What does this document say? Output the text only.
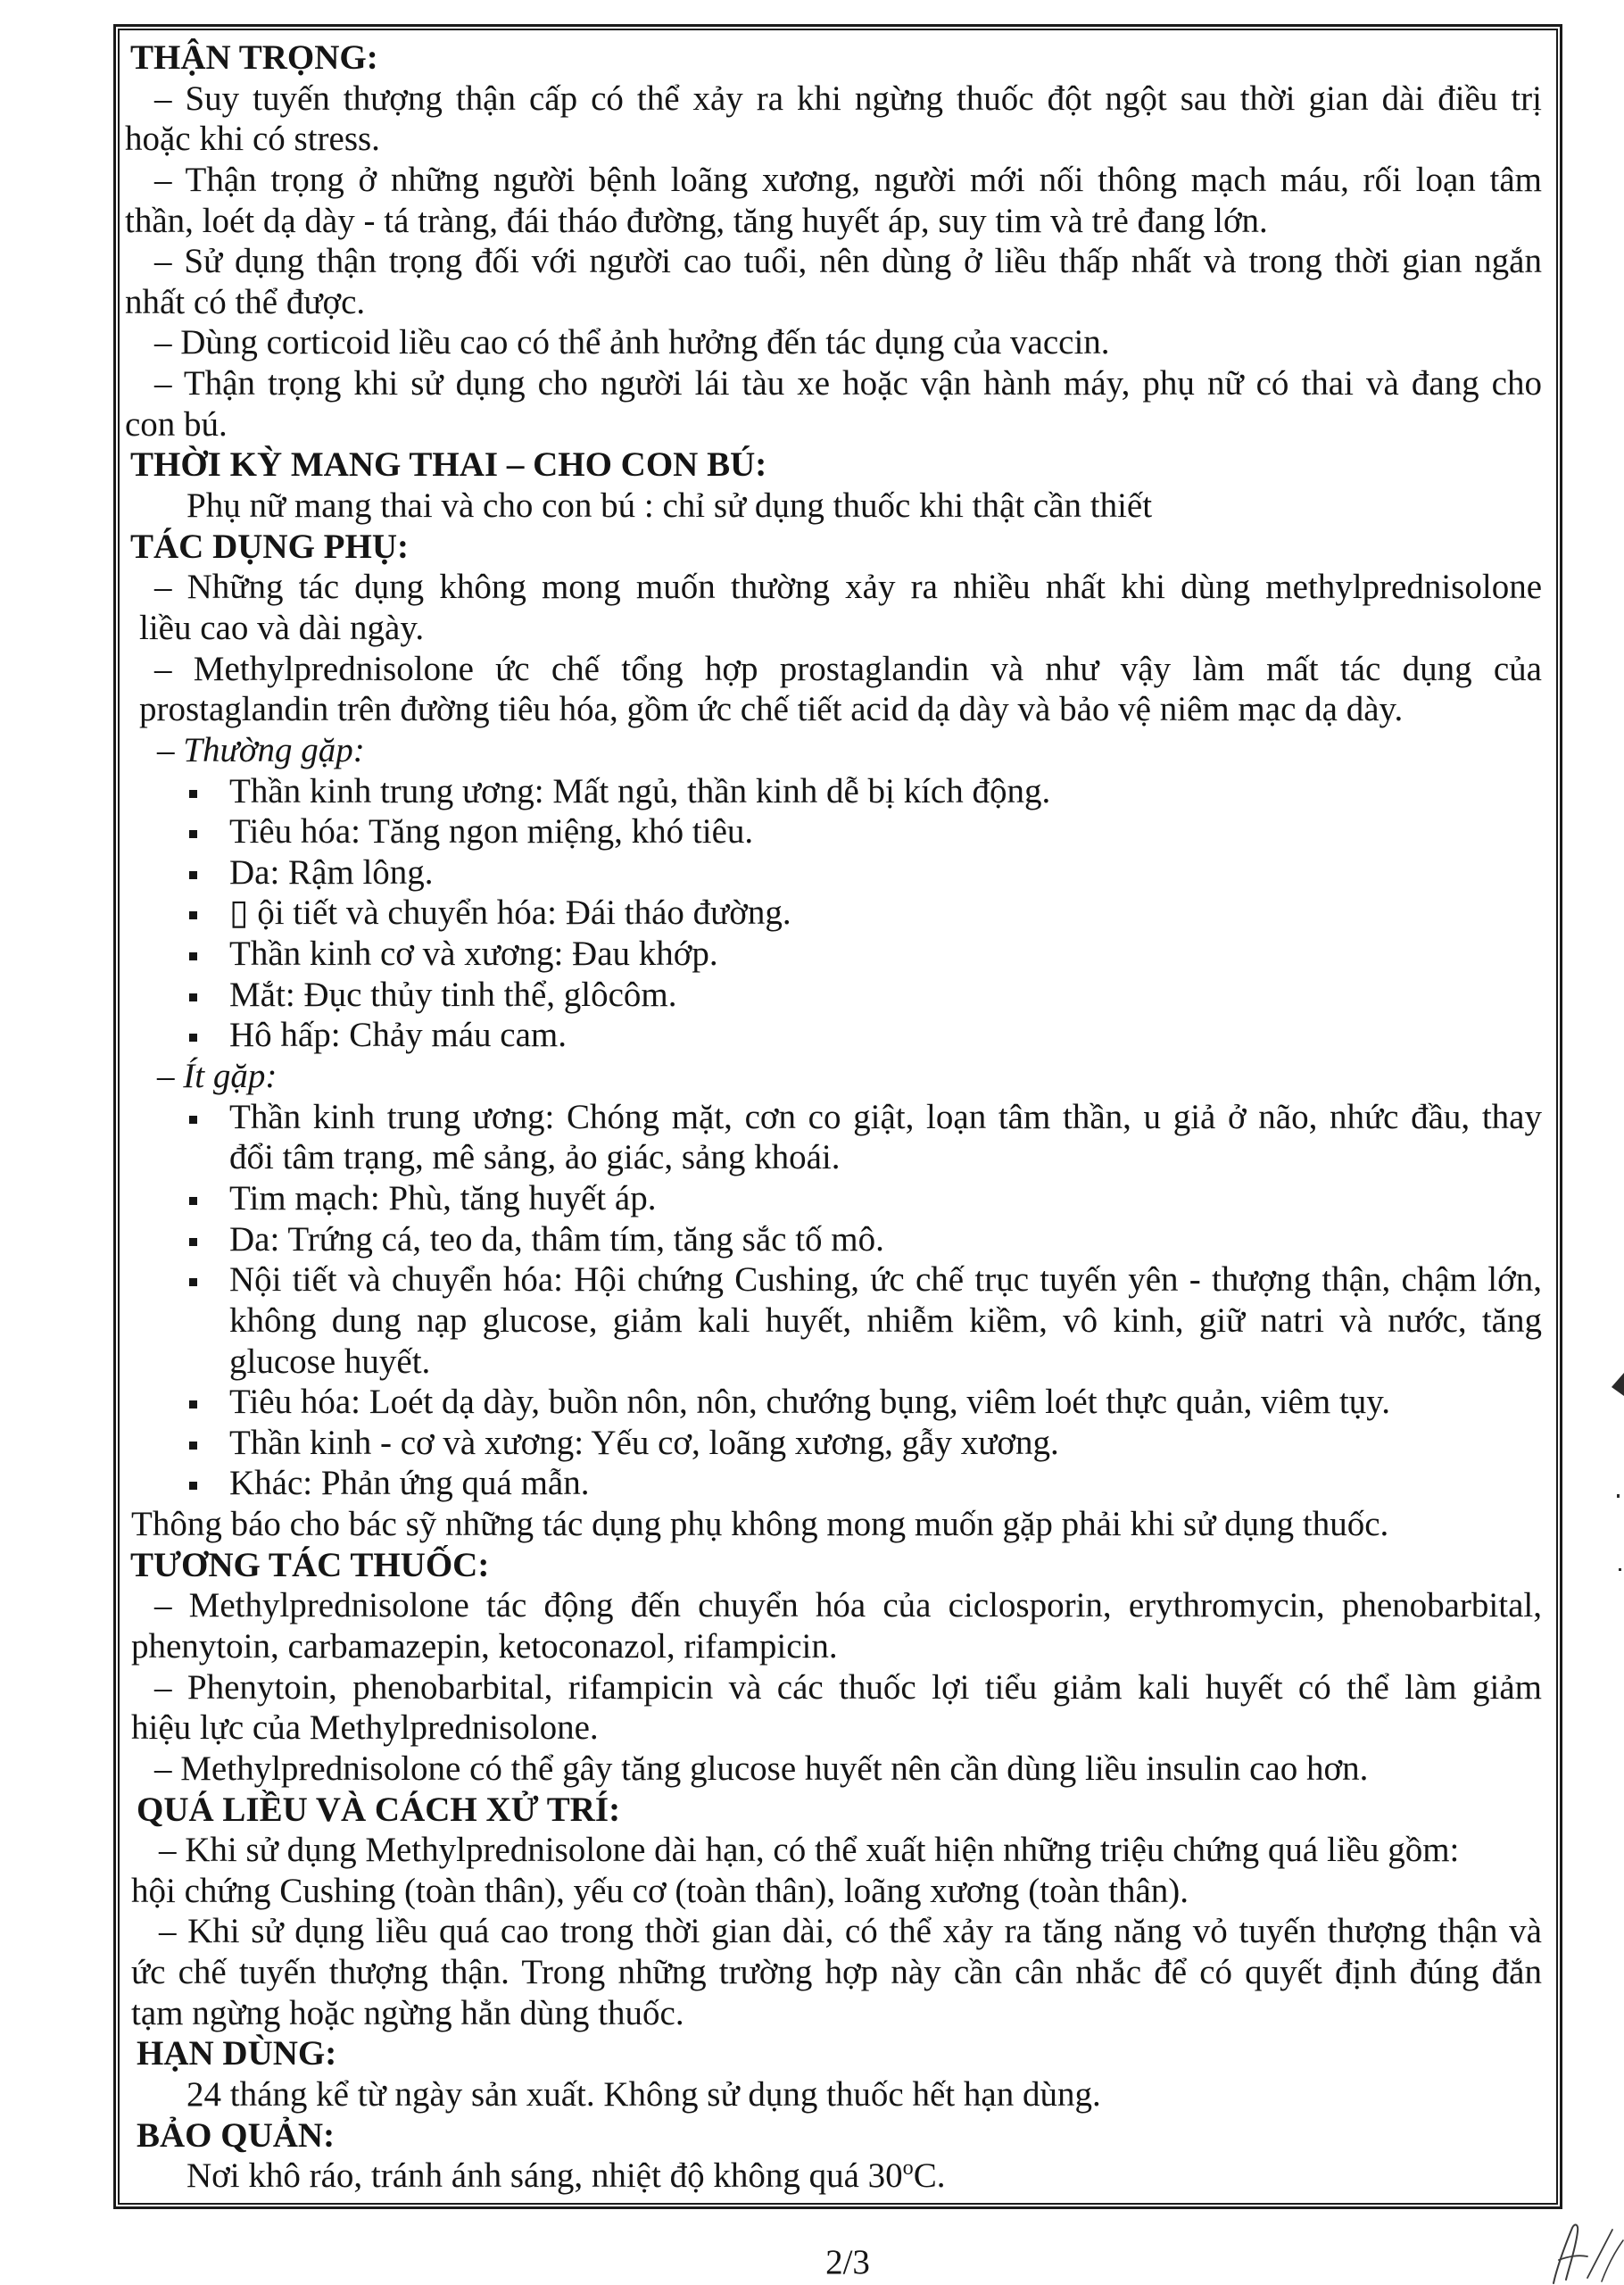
THẬN TRỌNG:
– Suy tuyến thượng thận cấp có thể xảy ra khi ngừng thuốc đột ngột sau thời gian dài điều trị
hoặc khi có stress.
– Thận trọng ở những người bệnh loãng xương, người mới nối thông mạch máu, rối loạn tâm
thần, loét dạ dày - tá tràng, đái tháo đường, tăng huyết áp, suy tim và trẻ đang lớn.
– Sử dụng thận trọng đối với người cao tuổi, nên dùng ở liều thấp nhất và trong thời gian ngắn
nhất có thể được.
– Dùng corticoid liều cao có thể ảnh hưởng đến tác dụng của vaccin.
– Thận trọng khi sử dụng cho người lái tàu xe hoặc vận hành máy, phụ nữ có thai và đang cho
con bú.
THỜI KỲ MANG THAI – CHO CON BÚ:
Phụ nữ mang thai và cho con bú : chỉ sử dụng thuốc khi thật cần thiết
TÁC DỤNG PHỤ:
– Những tác dụng không mong muốn thường xảy ra nhiều nhất khi dùng methylprednisolone
liều cao và dài ngày.
– Methylprednisolone ức chế tổng hợp prostaglandin và như vậy làm mất tác dụng của
prostaglandin trên đường tiêu hóa, gồm ức chế tiết acid dạ dày và bảo vệ niêm mạc dạ dày.
– Thường gặp:
Thần kinh trung ương: Mất ngủ, thần kinh dễ bị kích động.
Tiêu hóa: Tăng ngon miệng, khó tiêu.
Da: Rậm lông.
▯ ội tiết và chuyển hóa: Đái tháo đường.
Thần kinh cơ và xương: Đau khớp.
Mắt: Đục thủy tinh thể, glôcôm.
Hô hấp: Chảy máu cam.
– Ít gặp:
Thần kinh trung ương: Chóng mặt, cơn co giật, loạn tâm thần, u giả ở não, nhức đầu, thay
đổi tâm trạng, mê sảng, ảo giác, sảng khoái.
Tim mạch: Phù, tăng huyết áp.
Da: Trứng cá, teo da, thâm tím, tăng sắc tố mô.
Nội tiết và chuyển hóa: Hội chứng Cushing, ức chế trục tuyến yên - thượng thận, chậm lớn,
không dung nạp glucose, giảm kali huyết, nhiễm kiềm, vô kinh, giữ natri và nước, tăng
glucose huyết.
Tiêu hóa: Loét dạ dày, buồn nôn, nôn, chướng bụng, viêm loét thực quản, viêm tụy.
Thần kinh - cơ và xương: Yếu cơ, loãng xương, gẫy xương.
Khác: Phản ứng quá mẫn.
Thông báo cho bác sỹ những tác dụng phụ không mong muốn gặp phải khi sử dụng thuốc.
TƯƠNG TÁC THUỐC:
– Methylprednisolone tác động đến chuyển hóa của ciclosporin, erythromycin, phenobarbital,
phenytoin, carbamazepin, ketoconazol, rifampicin.
– Phenytoin, phenobarbital, rifampicin và các thuốc lợi tiểu giảm kali huyết có thể làm giảm
hiệu lực của Methylprednisolone.
– Methylprednisolone có thể gây tăng glucose huyết nên cần dùng liều insulin cao hơn.
QUÁ LIỀU VÀ CÁCH XỬ TRÍ:
– Khi sử dụng Methylprednisolone dài hạn, có thể xuất hiện những triệu chứng quá liều gồm:
hội chứng Cushing (toàn thân), yếu cơ (toàn thân), loãng xương (toàn thân).
– Khi sử dụng liều quá cao trong thời gian dài, có thể xảy ra tăng năng vỏ tuyến thượng thận và
ức chế tuyến thượng thận. Trong những trường hợp này cần cân nhắc để có quyết định đúng đắn
tạm ngừng hoặc ngừng hẳn dùng thuốc.
HẠN DÙNG:
24 tháng kể từ ngày sản xuất. Không sử dụng thuốc hết hạn dùng.
BẢO QUẢN:
Nơi khô ráo, tránh ánh sáng, nhiệt độ không quá 30$^o$C.
2/3
